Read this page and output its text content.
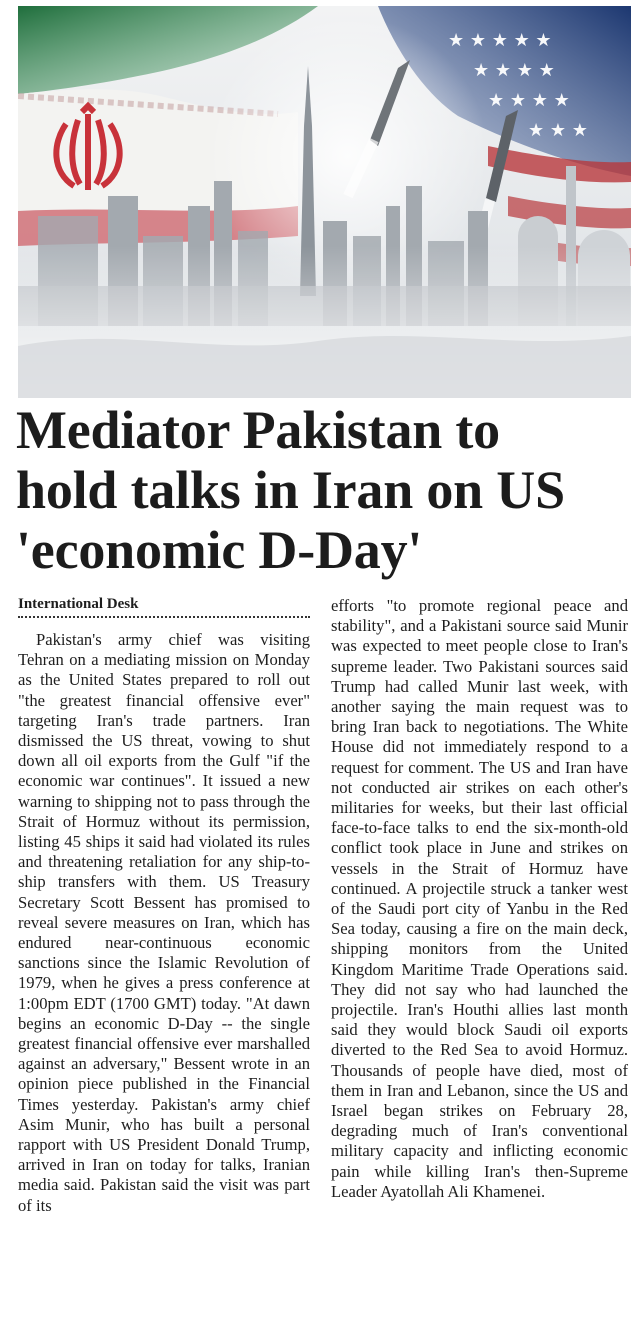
★ ★ ★ ★ ★
★ ★ ★ ★
★ ★ ★ ★
★ ★ ★
Mediator Pakistan to
hold talks in Iran on US
'economic D-Day'
International Desk

Pakistan's army chief was visiting Tehran on a mediating mission on Monday as the United States prepared to roll out "the greatest financial offensive ever" targeting Iran's trade partners. Iran dismissed the US threat, vowing to shut down all oil exports from the Gulf "if the economic war continues". It issued a new warning to shipping not to pass through the Strait of Hormuz without its permission, listing 45 ships it said had violated its rules and threatening retaliation for any ship-to-ship transfers with them. US Treasury Secretary Scott Bessent has promised to reveal severe measures on Iran, which has endured near-continuous economic sanctions since the Islamic Revolution of 1979, when he gives a press conference at 1:00pm EDT (1700 GMT) today. "At dawn begins an economic D-Day -- the single greatest financial offensive ever marshalled against an adversary," Bessent wrote in an opinion piece published in the Financial Times yesterday. Pakistan's army chief Asim Munir, who has built a personal rapport with US President Donald Trump, arrived in Iran on today for talks, Iranian media said. Pakistan said the visit was part of its

efforts "to promote regional peace and stability", and a Pakistani source said Munir was expected to meet people close to Iran's supreme leader. Two Pakistani sources said Trump had called Munir last week, with another saying the main request was to bring Iran back to negotiations. The White House did not immediately respond to a request for comment. The US and Iran have not conducted air strikes on each other's militaries for weeks, but their last official face-to-face talks to end the six-month-old conflict took place in June and strikes on vessels in the Strait of Hormuz have continued. A projectile struck a tanker west of the Saudi port city of Yanbu in the Red Sea today, causing a fire on the main deck, shipping monitors from the United Kingdom Maritime Trade Operations said. They did not say who had launched the projectile. Iran's Houthi allies last month said they would block Saudi oil exports diverted to the Red Sea to avoid Hormuz. Thousands of people have died, most of them in Iran and Lebanon, since the US and Israel began strikes on February 28, degrading much of Iran's conventional military capacity and inflicting economic pain while killing Iran's then-Supreme Leader Ayatollah Ali Khamenei.
